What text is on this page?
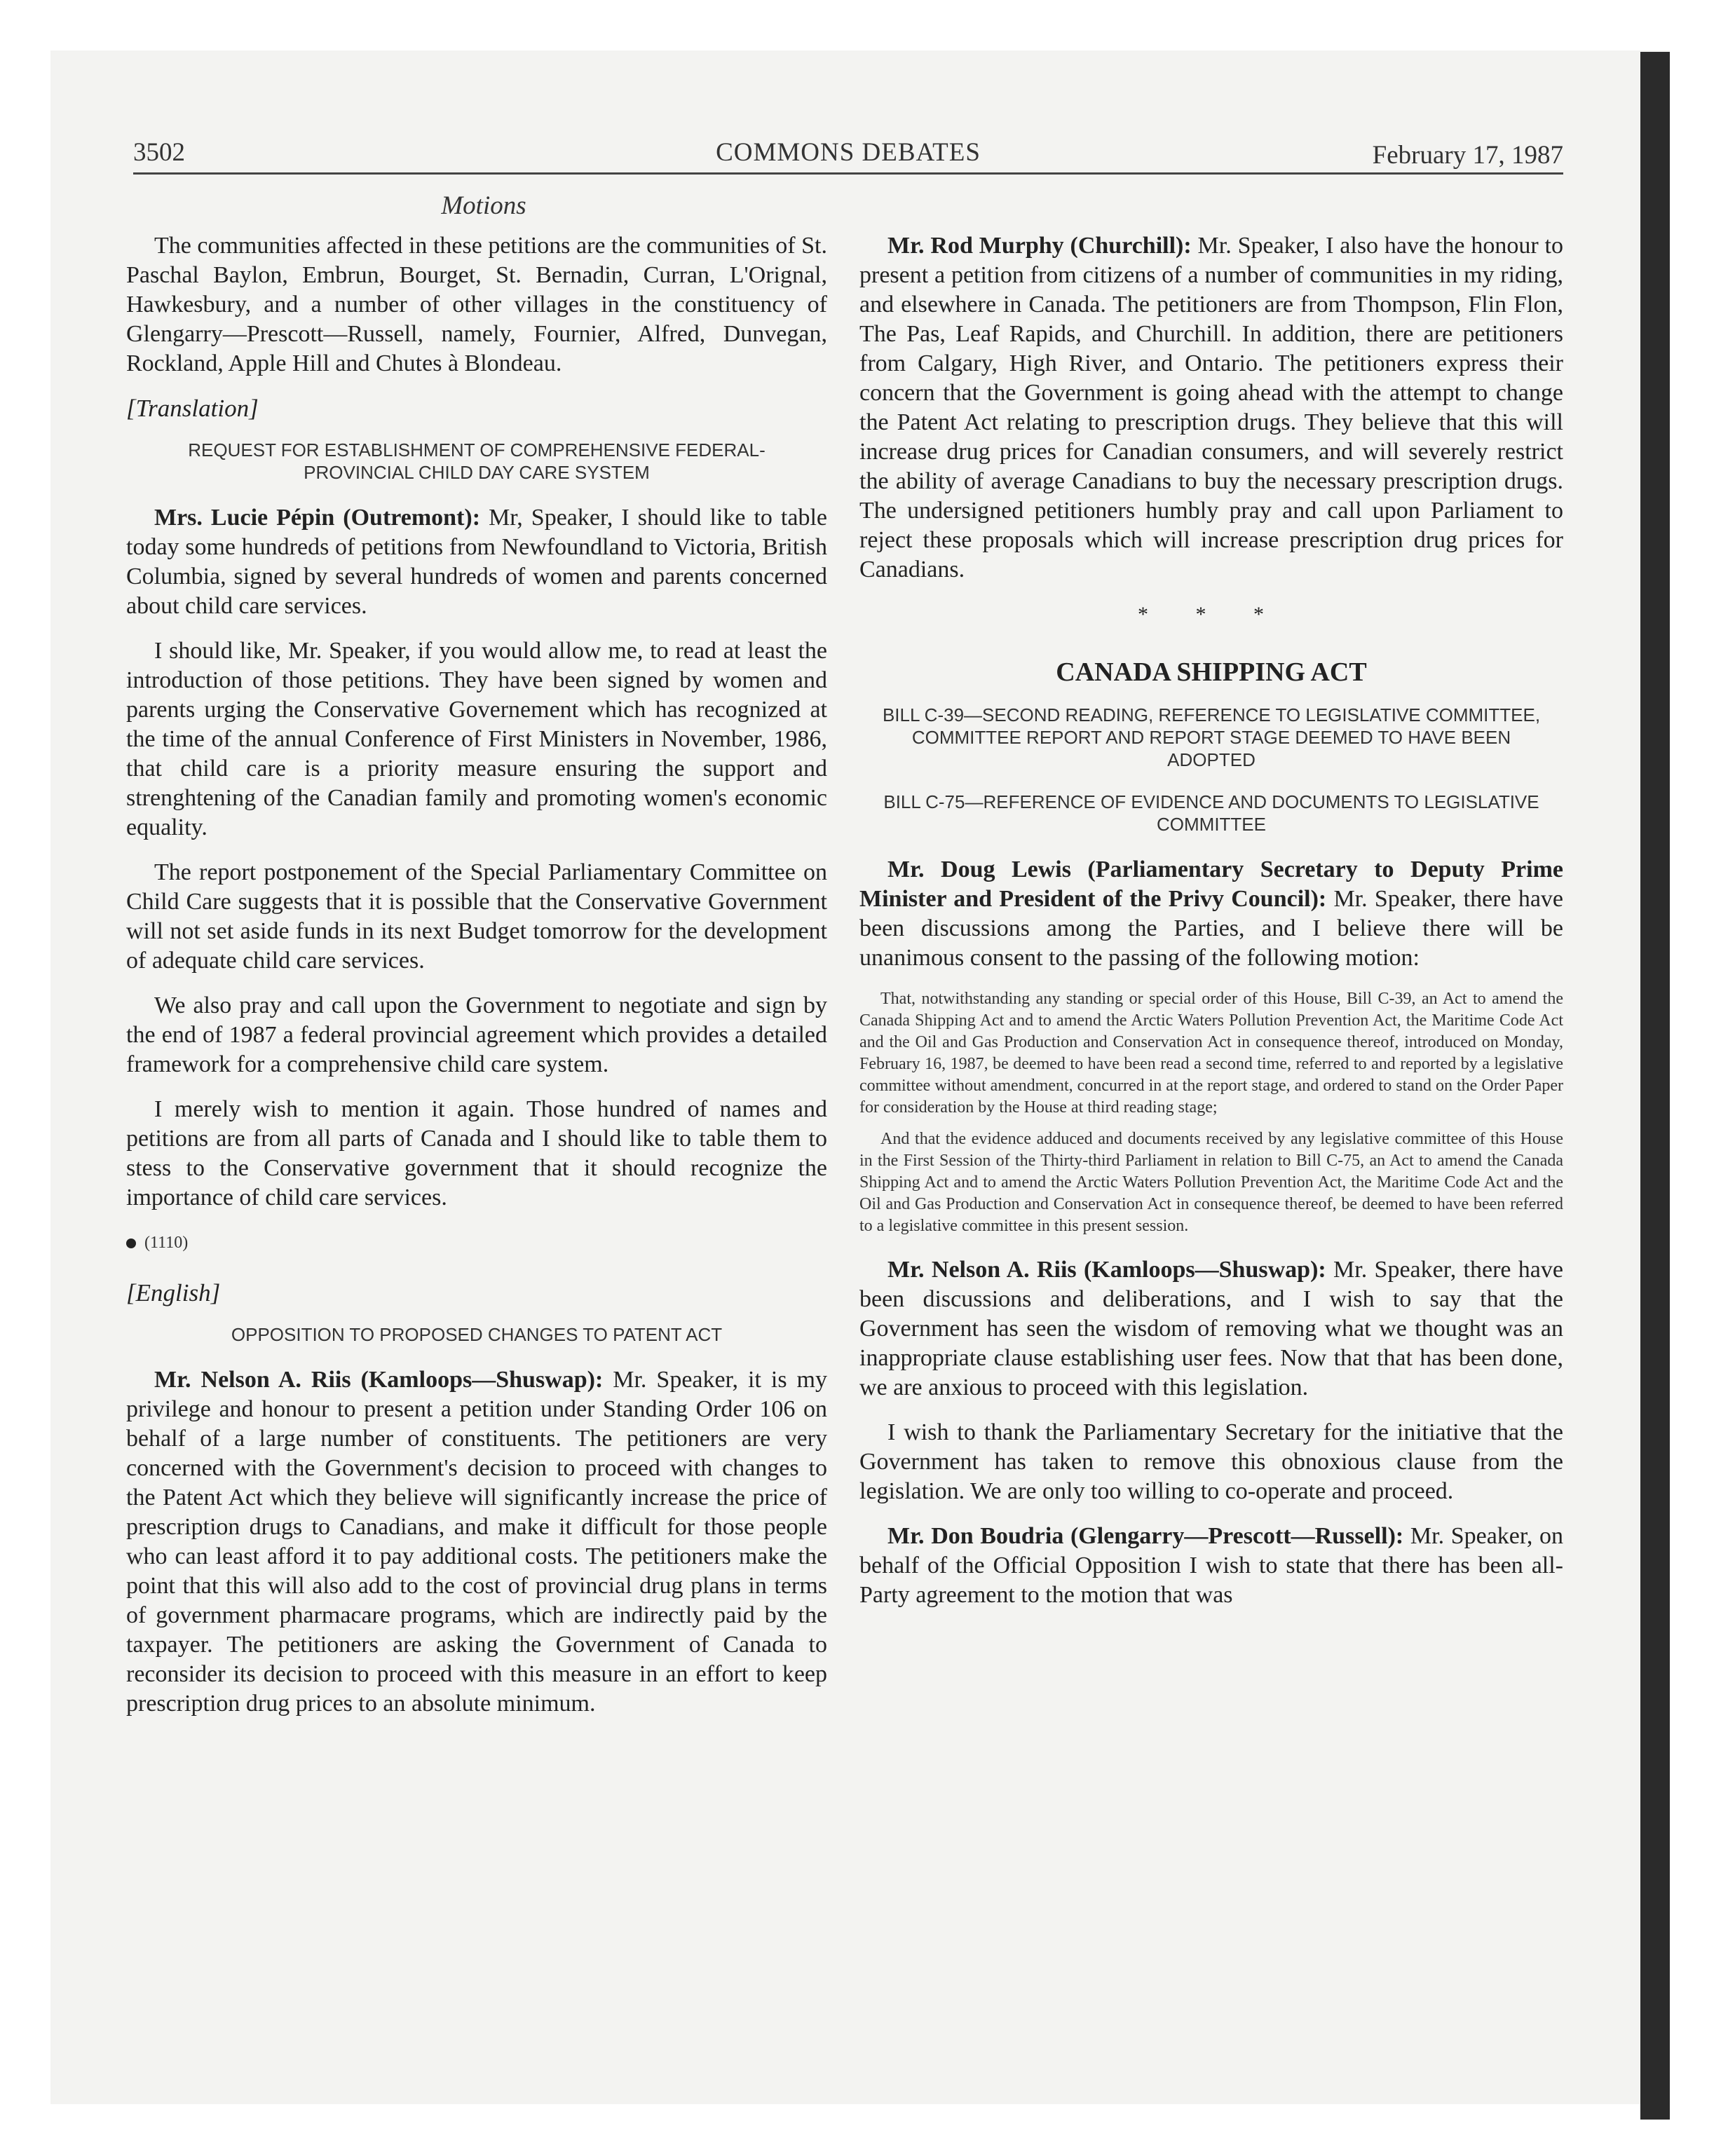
3502	COMMONS DEBATES	February 17, 1987
Motions

The communities affected in these petitions are the communities of St. Paschal Baylon, Embrun, Bourget, St. Bernadin, Curran, L'Orignal, Hawkesbury, and a number of other villages in the constituency of Glengarry—Prescott—Russell, namely, Fournier, Alfred, Dunvegan, Rockland, Apple Hill and Chutes à Blondeau.

[Translation]
REQUEST FOR ESTABLISHMENT OF COMPREHENSIVE FEDERAL-PROVINCIAL CHILD DAY CARE SYSTEM

Mrs. Lucie Pépin (Outremont): Mr, Speaker, I should like to table today some hundreds of petitions from Newfoundland to Victoria, British Columbia, signed by several hundreds of women and parents concerned about child care services.

I should like, Mr. Speaker, if you would allow me, to read at least the introduction of those petitions. They have been signed by women and parents urging the Conservative Governement which has recognized at the time of the annual Conference of First Ministers in November, 1986, that child care is a priority measure ensuring the support and strenghtening of the Canadian family and promoting women's economic equality.

The report postponement of the Special Parliamentary Committee on Child Care suggests that it is possible that the Conservative Government will not set aside funds in its next Budget tomorrow for the development of adequate child care services.

We also pray and call upon the Government to negotiate and sign by the end of 1987 a federal provincial agreement which provides a detailed framework for a comprehensive child care system.

I merely wish to mention it again. Those hundred of names and petitions are from all parts of Canada and I should like to table them to stess to the Conservative government that it should recognize the importance of child care services.

(1110)
[English]
OPPOSITION TO PROPOSED CHANGES TO PATENT ACT

Mr. Nelson A. Riis (Kamloops—Shuswap): Mr. Speaker, it is my privilege and honour to present a petition under Standing Order 106 on behalf of a large number of constituents. The petitioners are very concerned with the Government's decision to proceed with changes to the Patent Act which they believe will significantly increase the price of prescription drugs to Canadians, and make it difficult for those people who can least afford it to pay additional costs. The petitioners make the point that this will also add to the cost of provincial drug plans in terms of government pharmacare programs, which are indirectly paid by the taxpayer. The petitioners are asking the Government of Canada to reconsider its decision to proceed with this measure in an effort to keep prescription drug prices to an absolute minimum.

Mr. Rod Murphy (Churchill): Mr. Speaker, I also have the honour to present a petition from citizens of a number of communities in my riding, and elsewhere in Canada. The petitioners are from Thompson, Flin Flon, The Pas, Leaf Rapids, and Churchill. In addition, there are petitioners from Calgary, High River, and Ontario. The petitioners express their concern that the Government is going ahead with the attempt to change the Patent Act relating to prescription drugs. They believe that this will increase drug prices for Canadian consumers, and will severely restrict the ability of average Canadians to buy the necessary prescription drugs. The undersigned petitioners humbly pray and call upon Parliament to reject these proposals which will increase prescription drug prices for Canadians.

* * *
CANADA SHIPPING ACT
BILL C-39—SECOND READING, REFERENCE TO LEGISLATIVE COMMITTEE, COMMITTEE REPORT AND REPORT STAGE DEEMED TO HAVE BEEN ADOPTED
BILL C-75—REFERENCE OF EVIDENCE AND DOCUMENTS TO LEGISLATIVE COMMITTEE

Mr. Doug Lewis (Parliamentary Secretary to Deputy Prime Minister and President of the Privy Council): Mr. Speaker, there have been discussions among the Parties, and I believe there will be unanimous consent to the passing of the following motion:

That, notwithstanding any standing or special order of this House, Bill C-39, an Act to amend the Canada Shipping Act and to amend the Arctic Waters Pollution Prevention Act, the Maritime Code Act and the Oil and Gas Production and Conservation Act in consequence thereof, introduced on Monday, February 16, 1987, be deemed to have been read a second time, referred to and reported by a legislative committee without amendment, concurred in at the report stage, and ordered to stand on the Order Paper for consideration by the House at third reading stage;

And that the evidence adduced and documents received by any legislative committee of this House in the First Session of the Thirty-third Parliament in relation to Bill C-75, an Act to amend the Canada Shipping Act and to amend the Arctic Waters Pollution Prevention Act, the Maritime Code Act and the Oil and Gas Production and Conservation Act in consequence thereof, be deemed to have been referred to a legislative committee in this present session.

Mr. Nelson A. Riis (Kamloops—Shuswap): Mr. Speaker, there have been discussions and deliberations, and I wish to say that the Government has seen the wisdom of removing what we thought was an inappropriate clause establishing user fees. Now that that has been done, we are anxious to proceed with this legislation.

I wish to thank the Parliamentary Secretary for the initiative that the Government has taken to remove this obnoxious clause from the legislation. We are only too willing to co-operate and proceed.

Mr. Don Boudria (Glengarry—Prescott—Russell): Mr. Speaker, on behalf of the Official Opposition I wish to state that there has been all-Party agreement to the motion that was
